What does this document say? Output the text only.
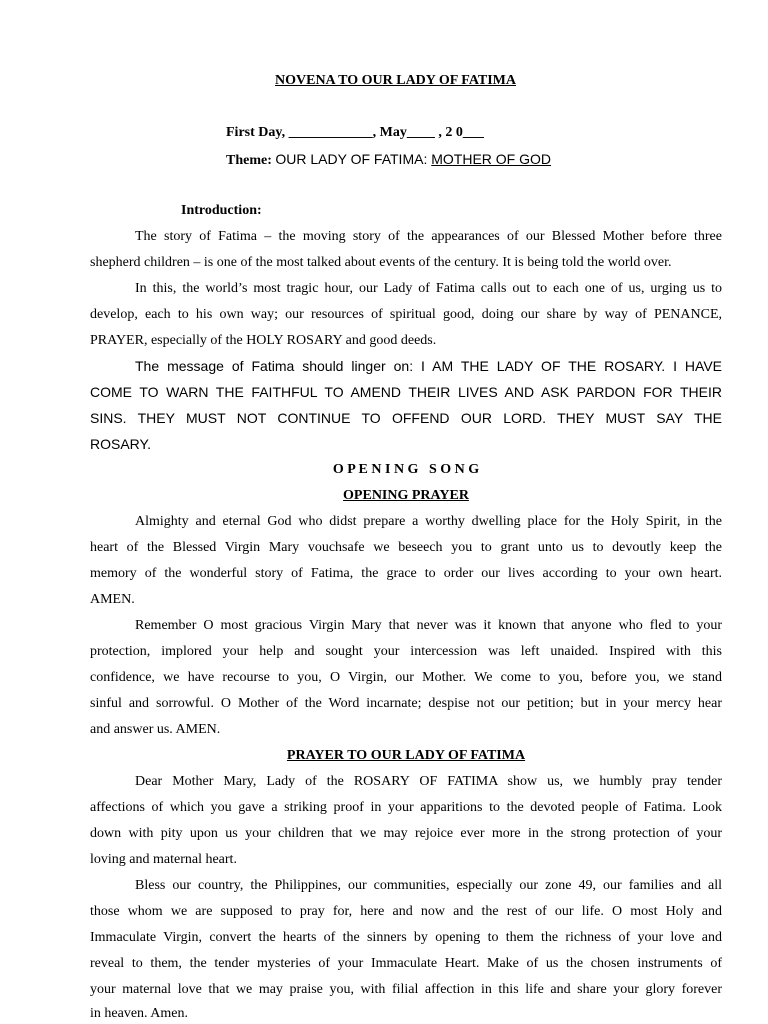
NOVENA TO OUR LADY OF FATIMA
First Day, ____________, May____ , 2 0___
Theme: OUR LADY OF FATIMA: MOTHER OF GOD
Introduction:
The story of Fatima – the moving story of the appearances of our Blessed Mother before three
shepherd children – is one of the most talked about events of the century. It is being told the world over.
In this, the world’s most tragic hour, our Lady of Fatima calls out to each one of us, urging us to
develop, each to his own way; our resources of spiritual good, doing our share by way of PENANCE,
PRAYER, especially of the HOLY ROSARY and good deeds.
The message of Fatima should linger on: I AM THE LADY OF THE ROSARY. I HAVE
COME TO WARN THE FAITHFUL TO AMEND THEIR LIVES AND ASK PARDON FOR THEIR
SINS. THEY MUST NOT CONTINUE TO OFFEND OUR LORD. THEY MUST SAY THE
ROSARY.
O P E N I N G   S O N G
OPENING PRAYER
Almighty and eternal God who didst prepare a worthy dwelling place for the Holy Spirit, in the
heart of the Blessed Virgin Mary vouchsafe we beseech you to grant unto us to devoutly keep the
memory of the wonderful story of Fatima, the grace to order our lives according to your own heart.
AMEN.
Remember O most gracious Virgin Mary that never was it known that anyone who fled to your
protection, implored your help and sought your intercession was left unaided. Inspired with this
confidence, we have recourse to you, O Virgin, our Mother. We come to you, before you, we stand
sinful and sorrowful. O Mother of the Word incarnate; despise not our petition; but in your mercy hear
and answer us. AMEN.
PRAYER TO OUR LADY OF FATIMA
Dear Mother Mary, Lady of the ROSARY OF FATIMA show us, we humbly pray tender
affections of which you gave a striking proof in your apparitions to the devoted people of Fatima. Look
down with pity upon us your children that we may rejoice ever more in the strong protection of your
loving and maternal heart.
Bless our country, the Philippines, our communities, especially our zone 49, our families and all
those whom we are supposed to pray for, here and now and the rest of our life. O most Holy and
Immaculate Virgin, convert the hearts of the sinners by opening to them the richness of your love and
reveal to them, the tender mysteries of your Immaculate Heart. Make of us the chosen instruments of
your maternal love that we may praise you, with filial affection in this life and share your glory forever
in heaven. Amen.
